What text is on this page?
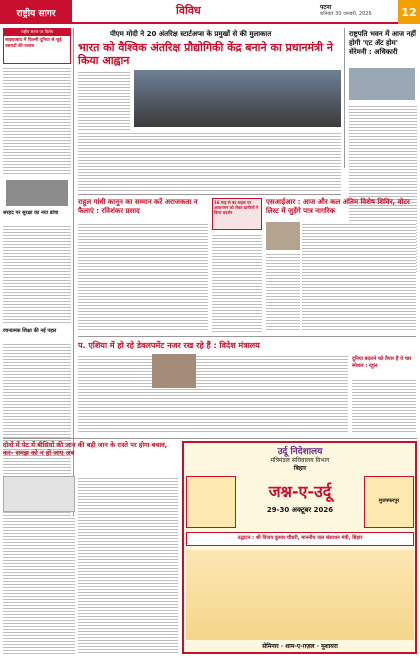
राष्ट्रीय सागर	विविध	पटना
शनिवार 30 जनवरी, 2026	12
राष्ट्रीय सागर पर विशेष
साइबरबाद में फिल्मी दुनिया से जुड़े उस्तादों की तलाश
सरहद पर सुरक्षा का नया ढांचा
रचनात्मक शिक्षा की नई पहल
पीएम मोदी ने 20 अंतरिक्ष स्टार्टअप्स के प्रमुखों से की मुलाकात
भारत को वैश्विक अंतरिक्ष प्रौद्योगिकी केंद्र बनाने का प्रधानमंत्री ने किया आह्वान
राष्ट्रपति भवन में आज नहीं होगी 'एट ॲट होम' सेरेमनी : अधिकारी
राहुल गांधी कानून का सम्मान करें अराजकता न फैलाएं : रविशंकर प्रसाद
16 माह से बंद सड़क पर आवागमन को लेकर ग्रामीणों ने किया प्रदर्शन
एसआईआर : आज और कल अंतिम विशेष शिविर, वोटर लिस्ट में जुड़ेंगे पात्र नागरिक
प. एशिया में हो रहे डेवलपमेंट नजर रख रहे हैं : विदेश मंत्रालय
दुनिया बदलने को तैयार हैं ये चार स्पेशल : रहुल
दोनों में पेट में बीसियों की जान की बड़ी जान के रास्ते पर होगा बचाव, कर- समझ को न हो जाए अब	उर्दू निदेशालय
मंत्रिमंडल सचिवालय विभाग
बिहार
मुजफ्फरपुर
जश्न-ए-उर्दू
29-30 अक्टूबर 2026
उद्घाटन : श्री विजय कुमार चौधरी, माननीय जल संसाधन मंत्री, बिहार
सेमिनार · शाम-ए-ग़ज़ल · मुशायरा
